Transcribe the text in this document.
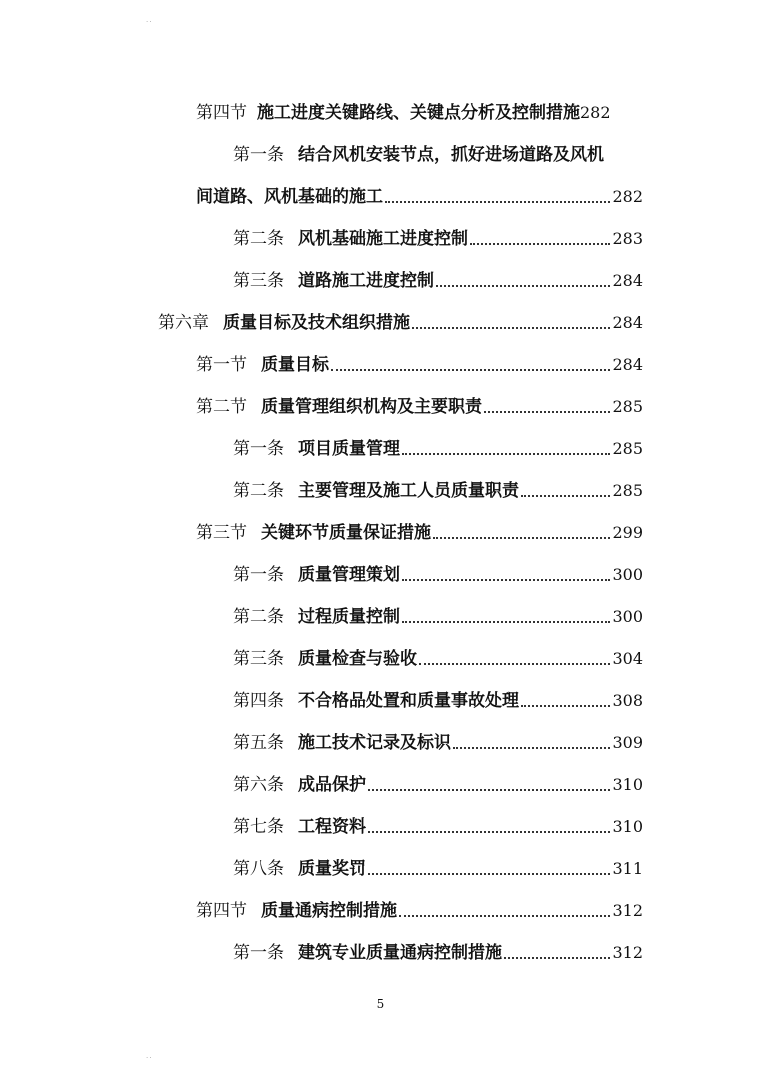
..
第四节 施工进度关键路线、关键点分析及控制措施 282
第一条 结合风机安装节点，抓好进场道路及风机
间道路、风机基础的施工	282
第二条 风机基础施工进度控制	283
第三条 道路施工进度控制	284
第六章 质量目标及技术组织措施	284
第一节 质量目标	284
第二节 质量管理组织机构及主要职责	285
第一条 项目质量管理	285
第二条 主要管理及施工人员质量职责	285
第三节 关键环节质量保证措施	299
第一条 质量管理策划	300
第二条 过程质量控制	300
第三条 质量检查与验收	304
第四条 不合格品处置和质量事故处理	308
第五条 施工技术记录及标识	309
第六条 成品保护	310
第七条 工程资料	310
第八条 质量奖罚	311
第四节 质量通病控制措施	312
第一条 建筑专业质量通病控制措施	312
5
..
